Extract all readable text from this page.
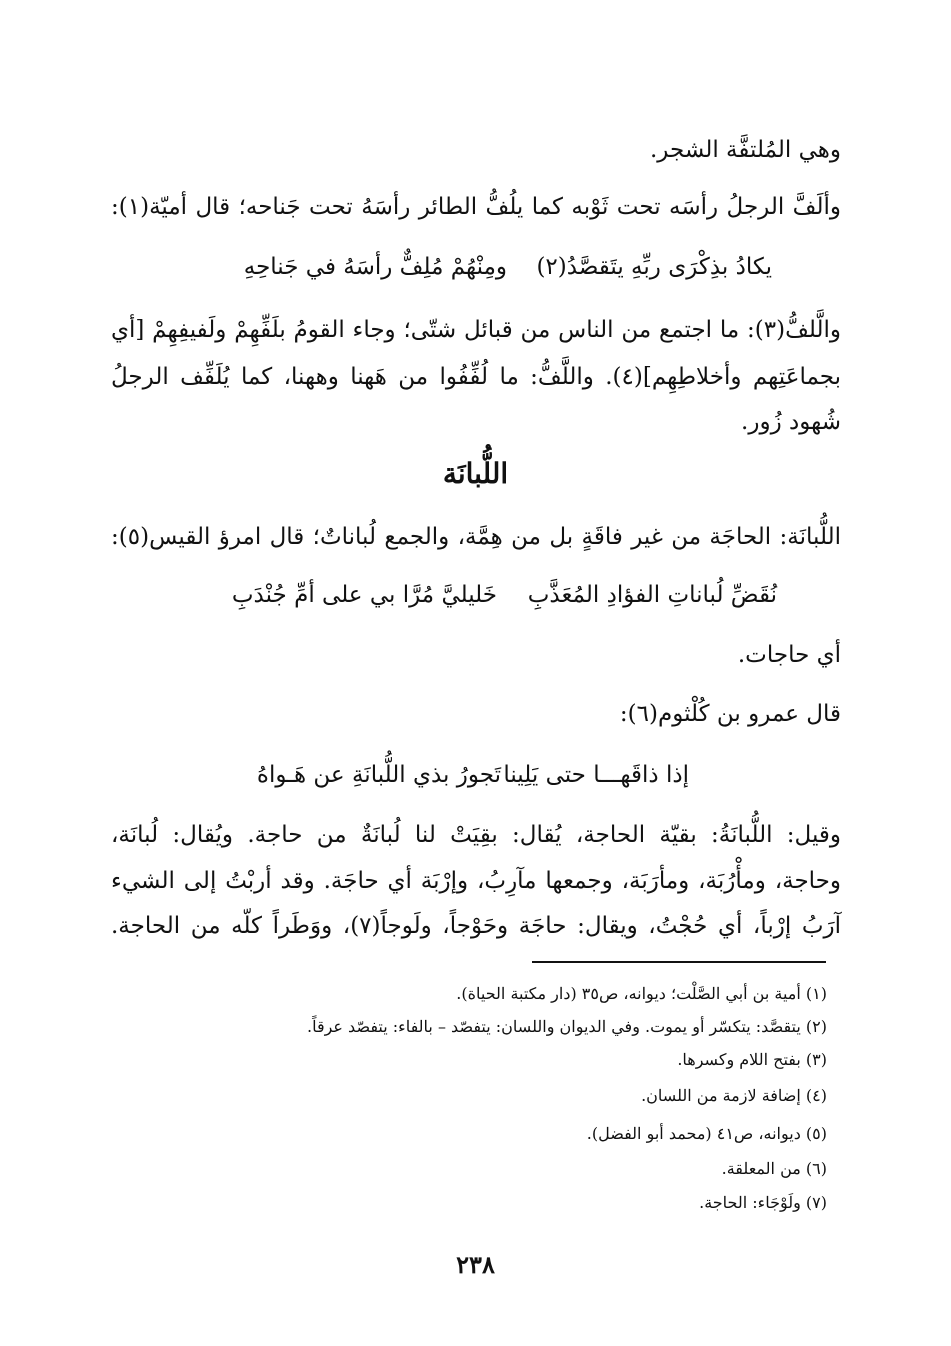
وهي المُلتفَّة الشجر.
وألَفَّ الرجلُ رأسَه تحت ثَوْبه كما يلُفُّ الطائر رأسَهُ تحت جَناحه؛ قال أميّة(١):
ومِنْهُمْ مُلِفٌّ رأسَهُ في جَناحِهِ يكادُ بذِكْرَى ربِّهِ يتَقصَّدُ(٢)
والَّلفُّ(٣): ما اجتمع من الناس من قبائل شتّى؛ وجاء القومُ بلَفِّهِمْ ولَفيفِهِمْ [أي
بجماعَتِهم وأخلاطِهِم](٤). واللَّفُّ: ما لُفِّفُوا من هَهنا وههنا، كما يُلَفِّف الرجلُ
شُهود زُور.
اللُّبانَة
اللُّبانَة: الحاجَة من غير فاقَةٍ بل من هِمَّة، والجمع لُباناتٌ؛ قال امرؤ القيس(٥):
خَليليَّ مُرَّا بي على أمِّ جُنْدَبِ نُقَضِّ لُباناتِ الفؤادِ المُعَذَّبِ
أي حاجات.
قال عمرو بن كُلْثوم(٦):
تَجورُ بذي اللُّبانَةِ عن هَـواهُ إذا ذاقَهـــا حتى يَلِينا
وقيل: اللُّبانَةُ: بقيّة الحاجة، يُقال: بقِيَتْ لنا لُبانَةٌ من حاجة. ويُقال: لُبانَة،
وحاجة، ومأْرُبَة، ومأرَبَة، وجمعها مآرِبُ، وإرْبَة أي حاجَة. وقد أربْتُ إلى الشيء
آرَبُ إرْباً، أي حُجْتُ، ويقال: حاجَة وحَوْجاً، ولَوجاً(٧)، ووَطَراً كلّه من الحاجة.
(١) أمية بن أبي الصَّلْت؛ ديوانه، ص٣٥ (دار مكتبة الحياة).
(٢) يتقصَّد: يتكسّر أو يموت. وفي الديوان واللسان: يتفصّد – بالفاء: يتفصّد عرقاً.
(٣) بفتح اللام وكسرها.
(٤) إضافة لازمة من اللسان.
(٥) ديوانه، ص٤١ (محمد أبو الفضل).
(٦) من المعلقة.
(٧) ولَوْجَاء: الحاجة.
٢٣٨
